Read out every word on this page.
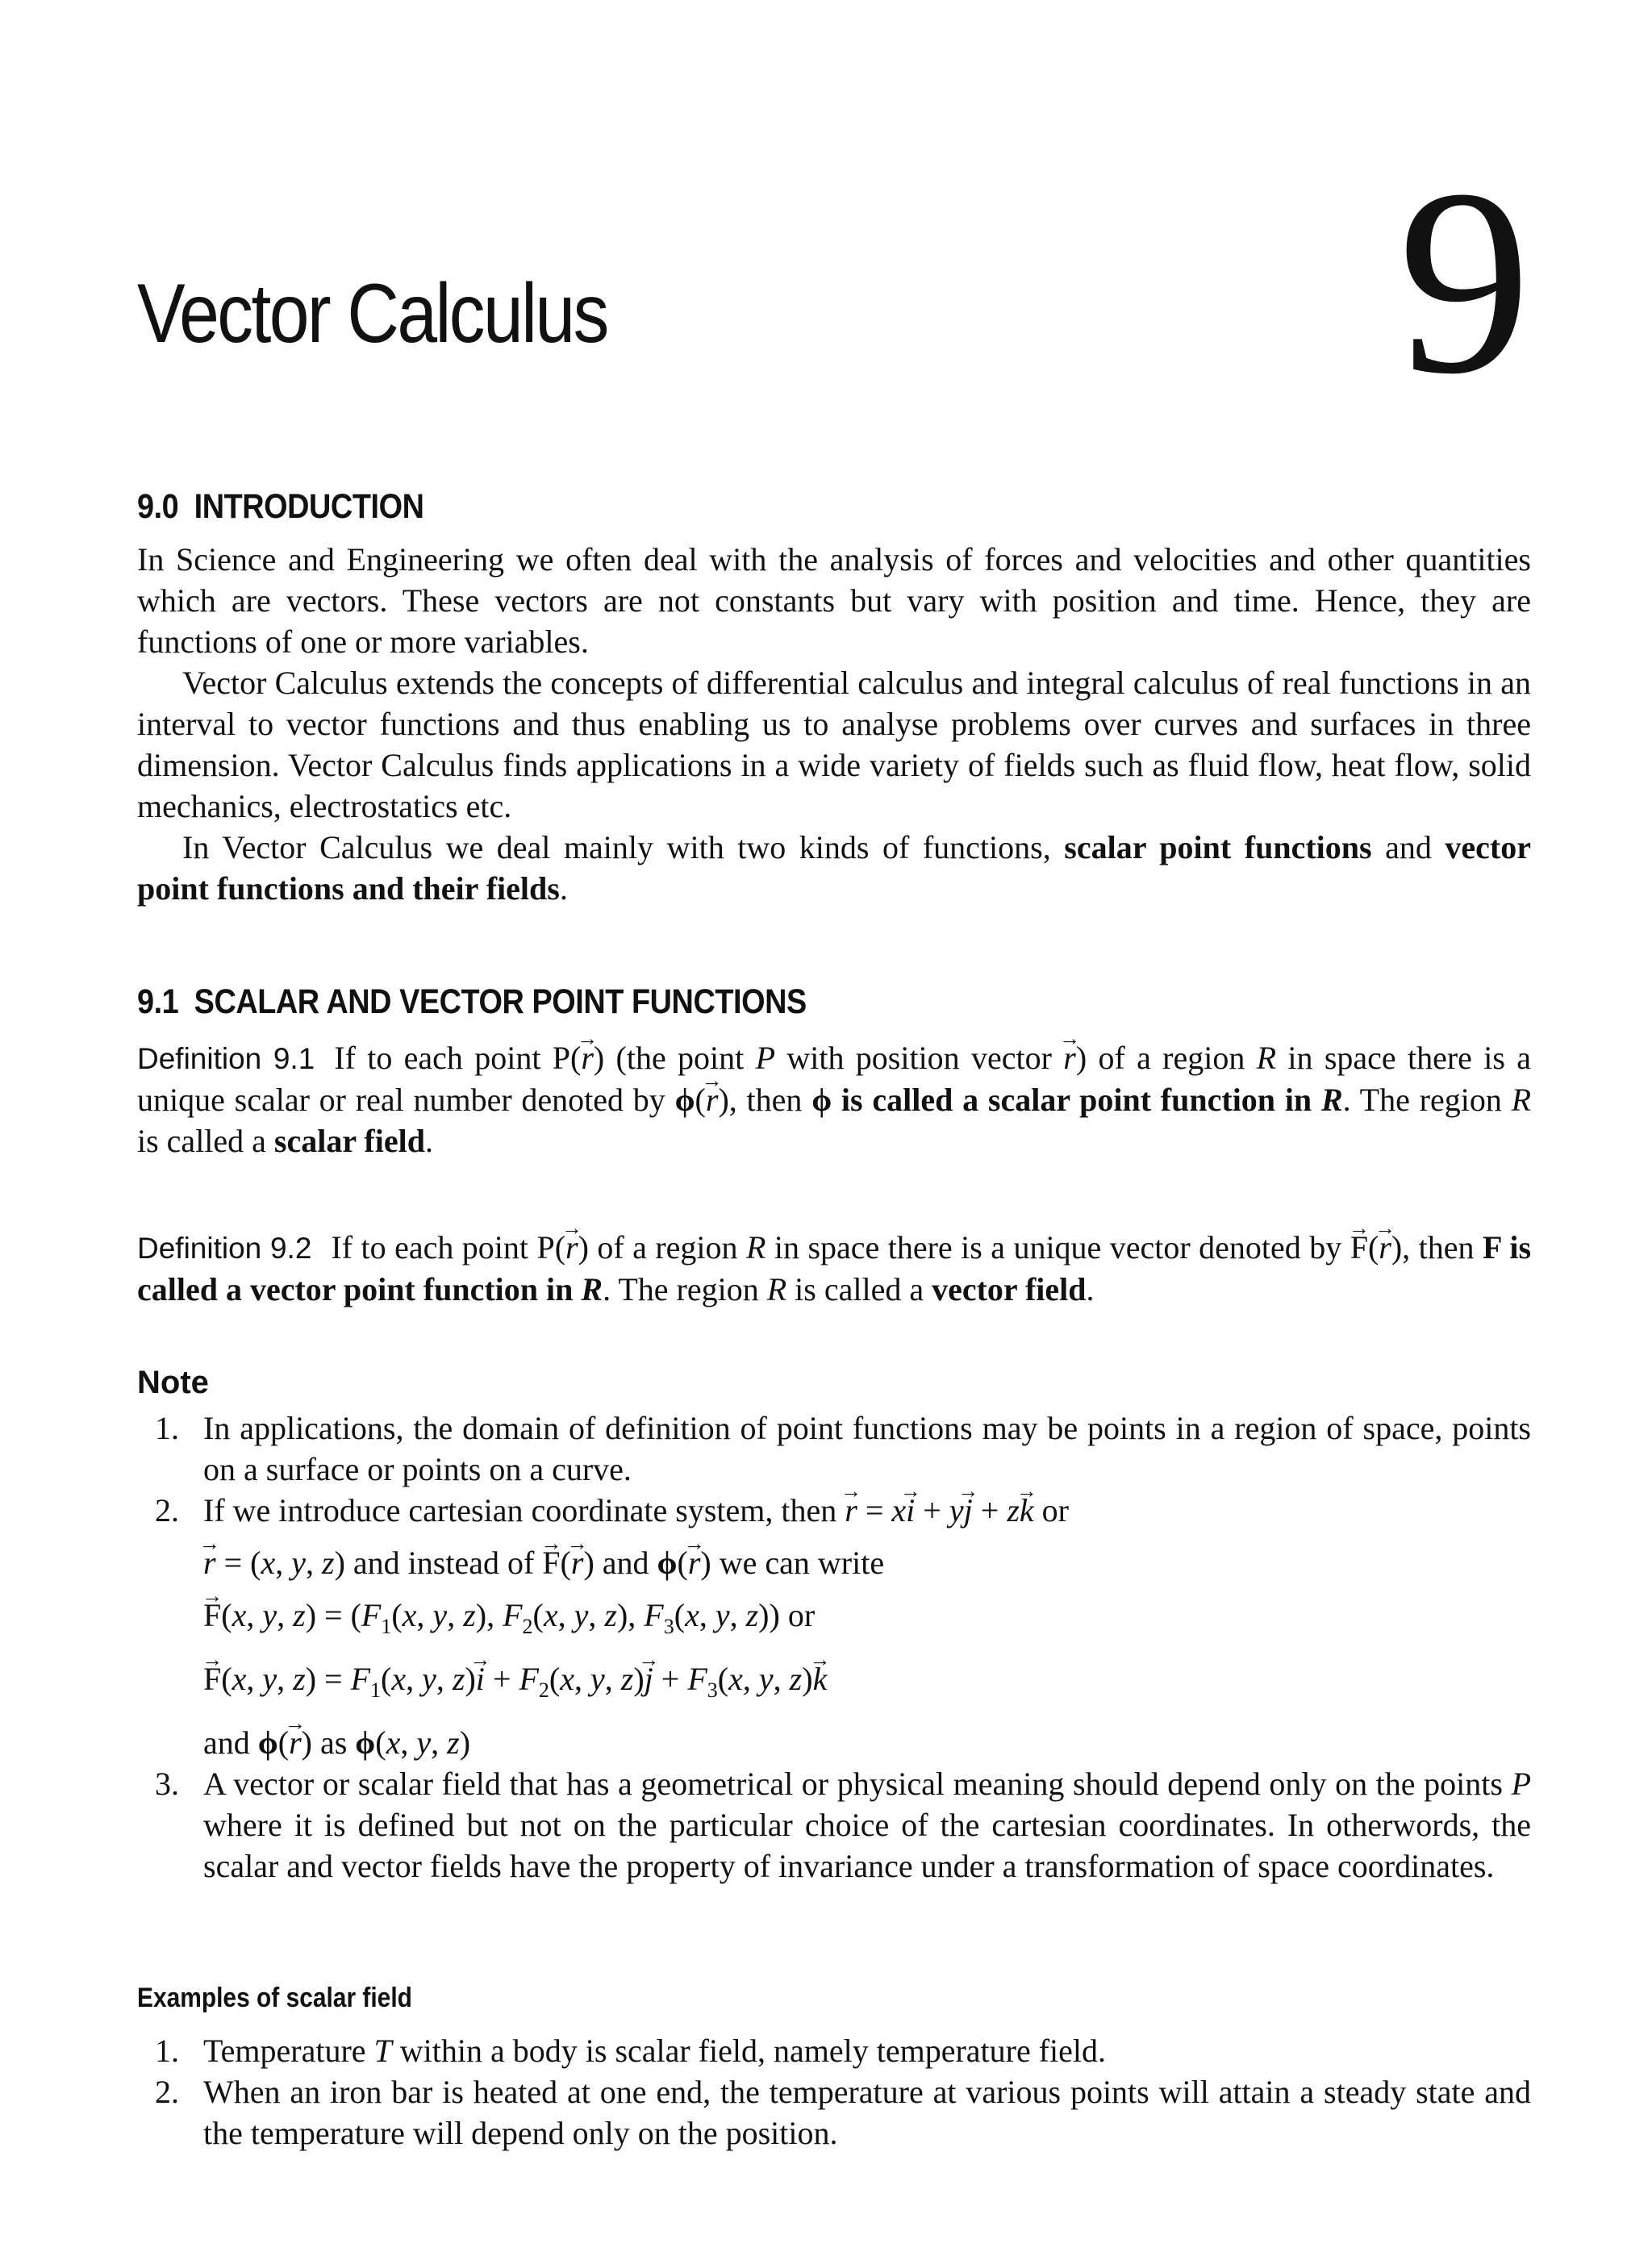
Vector Calculus	9
9.0 INTRODUCTION

In Science and Engineering we often deal with the analysis of forces and velocities and other quantities which are vectors. These vectors are not constants but vary with position and time. Hence, they are functions of one or more variables.

Vector Calculus extends the concepts of differential calculus and integral calculus of real functions in an interval to vector functions and thus enabling us to analyse problems over curves and surfaces in three dimension. Vector Calculus finds applications in a wide variety of fields such as fluid flow, heat flow, solid mechanics, electrostatics etc.

In Vector Calculus we deal mainly with two kinds of functions, scalar point functions and vector point functions and their fields.

9.1 SCALAR AND VECTOR POINT FUNCTIONS

Definition 9.1 If to each point P(→ r) (the point P with position vector → r) of a region R in space there is a unique scalar or real number denoted by ϕ(→ r), then ϕ is called a scalar point function in R. The region R is called a scalar field.

Definition 9.2 If to each point P(→ r) of a region R in space there is a unique vector denoted by → F(→ r), then F is called a vector point function in R. The region R is called a vector field.

Note
1. In applications, the domain of definition of point functions may be points in a region of space, points on a surface or points on a curve.
2. If we introduce cartesian coordinate system, then → r = x→ i + y→ j + z→ k or
→ r = (x, y, z) and instead of → F(→ r) and ϕ(→ r) we can write
→ F(x, y, $z) = (F_1(x$, y, z), $F_2(x$, y, z), $F_3(x$, y, z)) or
→ F(x, y, $z) = F_1(x$, y, $z)\to i + F_2(x$, y, $z)\to j + F_3(x$, y, z)→ k
and ϕ(→ r) as ϕ(x, y, z)
3. A vector or scalar field that has a geometrical or physical meaning should depend only on the points P where it is defined but not on the particular choice of the cartesian coordinates. In otherwords, the scalar and vector fields have the property of invariance under a transformation of space coordinates.
Examples of scalar field
1. Temperature T within a body is scalar field, namely temperature field.
2. When an iron bar is heated at one end, the temperature at various points will attain a steady state and the temperature will depend only on the position.
